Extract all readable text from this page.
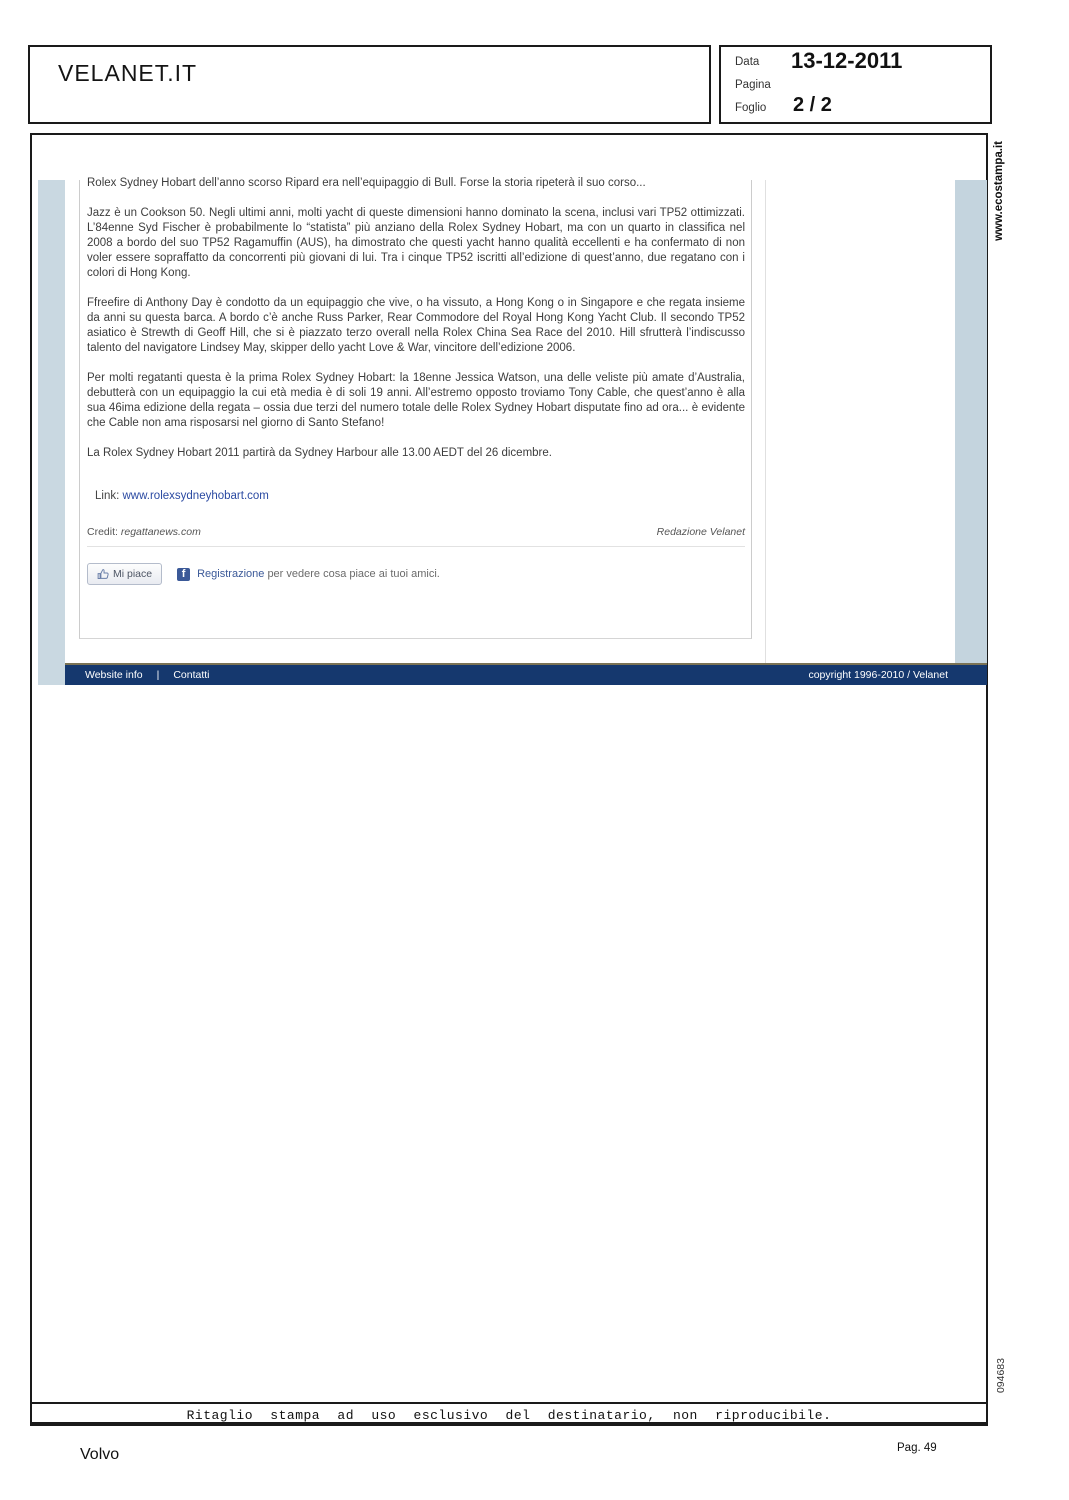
VELANET.IT	Data 13-12-2011
Pagina
Foglio 2 / 2
www.ecostampa.it
094683

Rolex Sydney Hobart dell’anno scorso Ripard era nell’equipaggio di Bull. Forse la storia ripeterà il suo corso...

Jazz è un Cookson 50. Negli ultimi anni, molti yacht di queste dimensioni hanno dominato la scena, inclusi vari TP52 ottimizzati. L’84enne Syd Fischer è probabilmente lo “statista” più anziano della Rolex Sydney Hobart, ma con un quarto in classifica nel 2008 a bordo del suo TP52 Ragamuffin (AUS), ha dimostrato che questi yacht hanno qualità eccellenti e ha confermato di non voler essere sopraffatto da concorrenti più giovani di lui. Tra i cinque TP52 iscritti all’edizione di quest’anno, due regatano con i colori di Hong Kong.

Ffreefire di Anthony Day è condotto da un equipaggio che vive, o ha vissuto, a Hong Kong o in Singapore e che regata insieme da anni su questa barca. A bordo c’è anche Russ Parker, Rear Commodore del Royal Hong Kong Yacht Club. Il secondo TP52 asiatico è Strewth di Geoff Hill, che si è piazzato terzo overall nella Rolex China Sea Race del 2010. Hill sfrutterà l’indiscusso talento del navigatore Lindsey May, skipper dello yacht Love & War, vincitore dell’edizione 2006.

Per molti regatanti questa è la prima Rolex Sydney Hobart: la 18enne Jessica Watson, una delle veliste più amate d’Australia, debutterà con un equipaggio la cui età media è di soli 19 anni. All’estremo opposto troviamo Tony Cable, che quest’anno è alla sua 46ima edizione della regata – ossia due terzi del numero totale delle Rolex Sydney Hobart disputate fino ad ora... è evidente che Cable non ama risposarsi nel giorno di Santo Stefano!

La Rolex Sydney Hobart 2011 partirà da Sydney Harbour alle 13.00 AEDT del 26 dicembre.

Link: www.rolexsydneyhobart.com
Credit: regattanews.com	Redazione Velanet
Mi piace	f	Registrazione per vedere cosa piace ai tuoi amici.
Website info | Contatti	copyright 1996-2010 / Velanet
Ritaglio stampa ad uso esclusivo del destinatario, non riproducibile.
Volvo	Pag. 49
